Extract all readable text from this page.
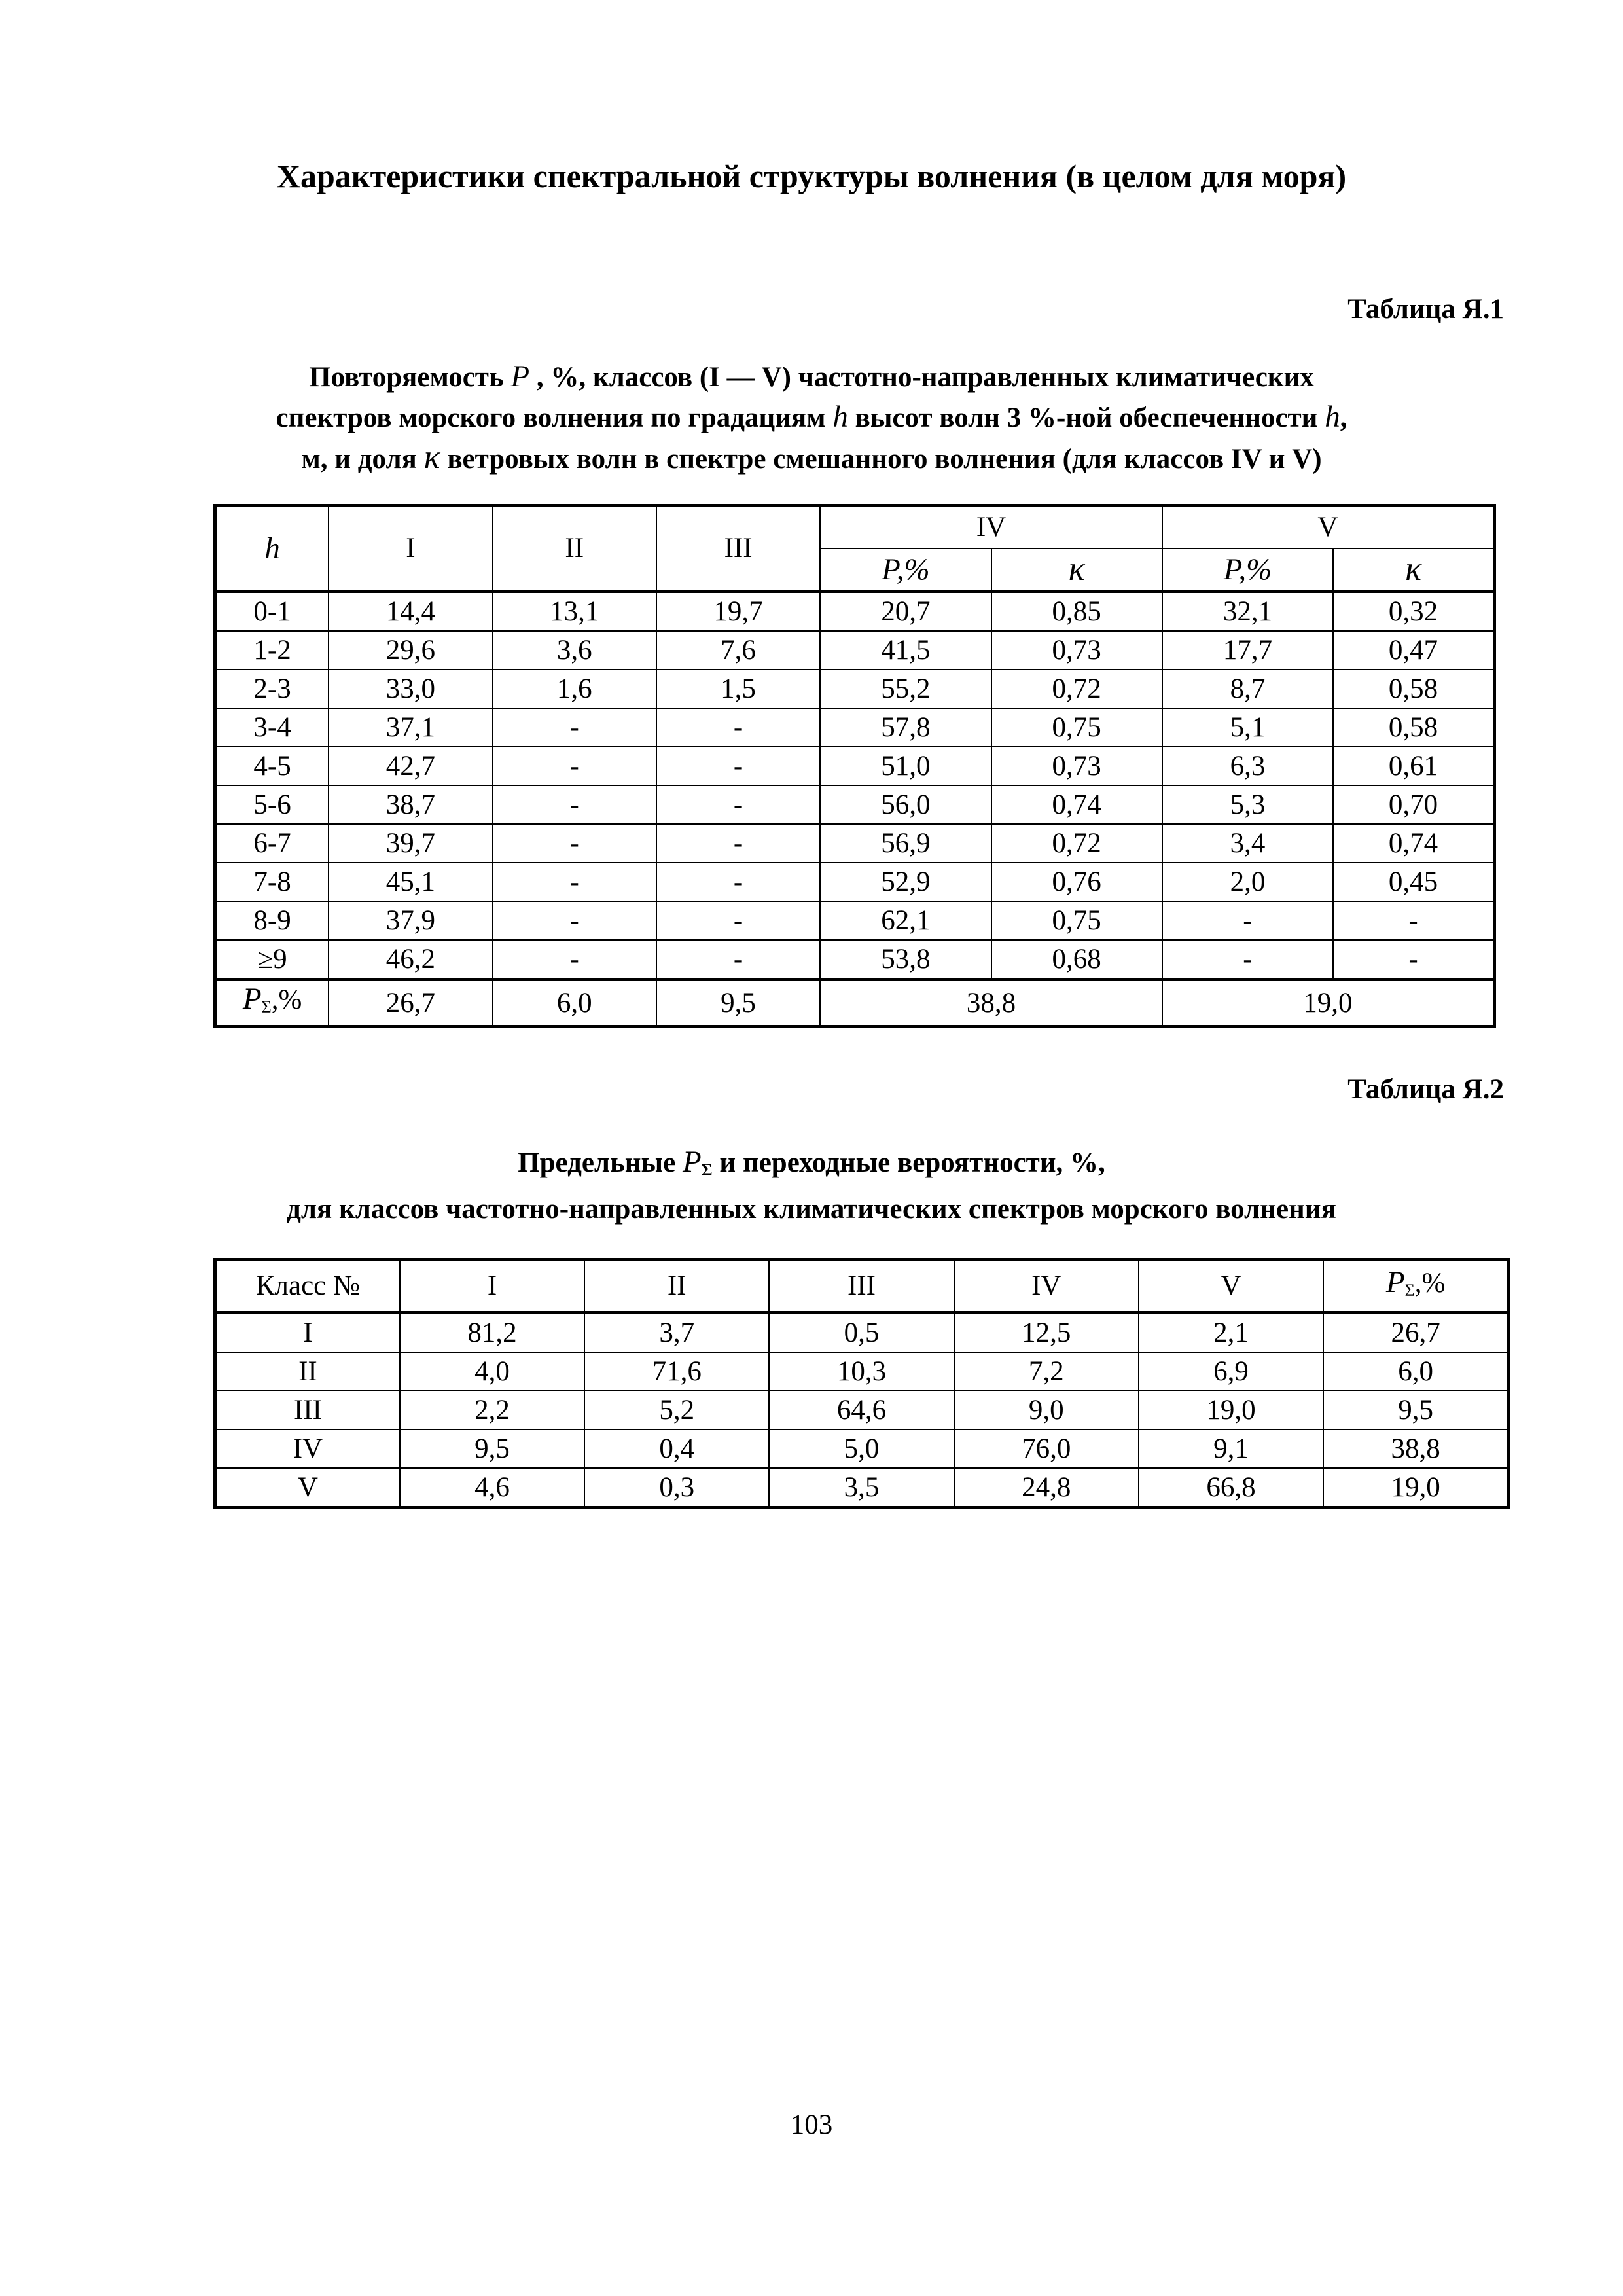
Характеристики спектральной структуры волнения (в целом для моря)

Таблица Я.1

Повторяемость P , %, классов (I — V) частотно-направленных климатических
спектров морского волнения по градациям h высот волн 3 %-ной обеспеченности h,
м, и доля κ ветровых волн в спектре смешанного волнения (для классов IV и V)
h	I	II	III	IV		V	
				P,%	κ	P,%	κ
0-1	14,4	13,1	19,7	20,7	0,85	32,1	0,32
1-2	29,6	3,6	7,6	41,5	0,73	17,7	0,47
2-3	33,0	1,6	1,5	55,2	0,72	8,7	0,58
3-4	37,1	-	-	57,8	0,75	5,1	0,58
4-5	42,7	-	-	51,0	0,73	6,3	0,61
5-6	38,7	-	-	56,0	0,74	5,3	0,70
6-7	39,7	-	-	56,9	0,72	3,4	0,74
7-8	45,1	-	-	52,9	0,76	2,0	0,45
8-9	37,9	-	-	62,1	0,75	-	-
≥9	46,2	-	-	53,8	0,68	-	-
$P_\Sigma,\%$	26,7	6,0	9,5	38,8		19,0	

Таблица Я.2

Предельные $P_\Sigma$ и переходные вероятности, %,
для классов частотно-направленных климатических спектров морского волнения
Класс №	I	II	III	IV	V	$P_\Sigma,\%$
I	81,2	3,7	0,5	12,5	2,1	26,7
II	4,0	71,6	10,3	7,2	6,9	6,0
III	2,2	5,2	64,6	9,0	19,0	9,5
IV	9,5	0,4	5,0	76,0	9,1	38,8
V	4,6	0,3	3,5	24,8	66,8	19,0

103
